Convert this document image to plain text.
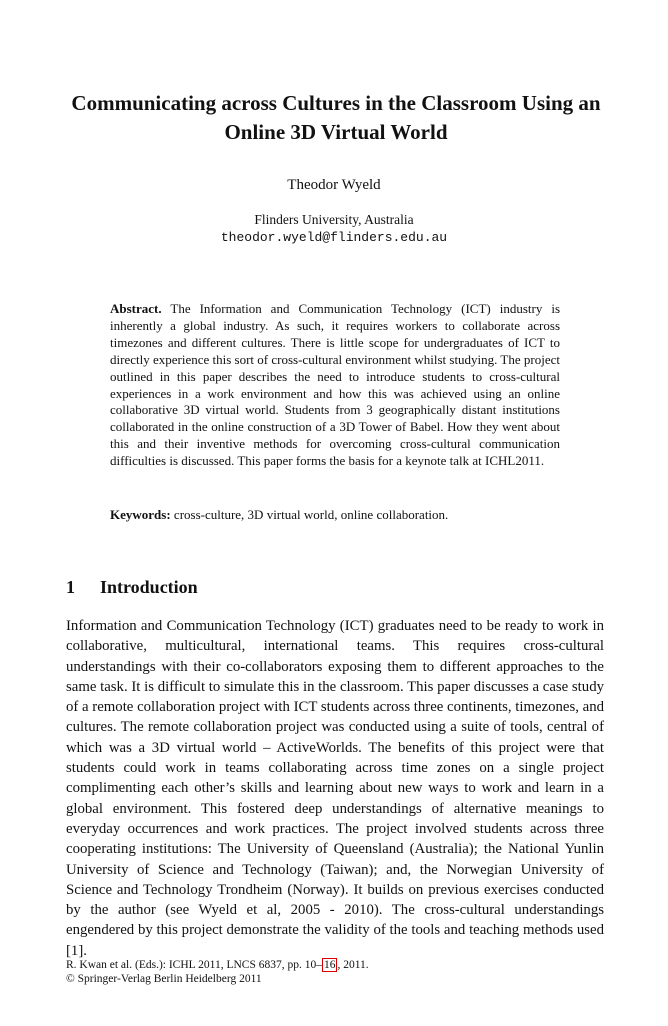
Communicating across Cultures in the Classroom Using an Online 3D Virtual World
Theodor Wyeld
Flinders University, Australia
theodor.wyeld@flinders.edu.au

Abstract. The Information and Communication Technology (ICT) industry is inherently a global industry. As such, it requires workers to collaborate across timezones and different cultures. There is little scope for undergraduates of ICT to directly experience this sort of cross-cultural environment whilst studying. The project outlined in this paper describes the need to introduce students to cross-cultural experiences in a work environment and how this was achieved using an online collaborative 3D virtual world. Students from 3 geographically distant institutions collaborated in the online construction of a 3D Tower of Babel. How they went about this and their inventive methods for overcoming cross-cultural communication difficulties is discussed. This paper forms the basis for a keynote talk at ICHL2011.

Keywords: cross-culture, 3D virtual world, online collaboration.

1 Introduction

Information and Communication Technology (ICT) graduates need to be ready to work in collaborative, multicultural, international teams. This requires cross-cultural understandings with their co-collaborators exposing them to different approaches to the same task. It is difficult to simulate this in the classroom. This paper discusses a case study of a remote collaboration project with ICT students across three continents, timezones, and cultures. The remote collaboration project was conducted using a suite of tools, central of which was a 3D virtual world – ActiveWorlds. The benefits of this project were that students could work in teams collaborating across time zones on a single project complimenting each other’s skills and learning about new ways to work and learn in a global environment. This fostered deep understandings of alternative meanings to everyday occurrences and work practices. The project involved students across three cooperating institutions: The University of Queensland (Australia); the National Yunlin University of Science and Technology (Taiwan); and, the Norwegian University of Science and Technology Trondheim (Norway). It builds on previous exercises conducted by the author (see Wyeld et al, 2005 - 2010). The cross-cultural understandings engendered by this project demonstrate the validity of the tools and teaching methods used [1].

R. Kwan et al. (Eds.): ICHL 2011, LNCS 6837, pp. 10– 16 , 2011.
© Springer-Verlag Berlin Heidelberg 2011
